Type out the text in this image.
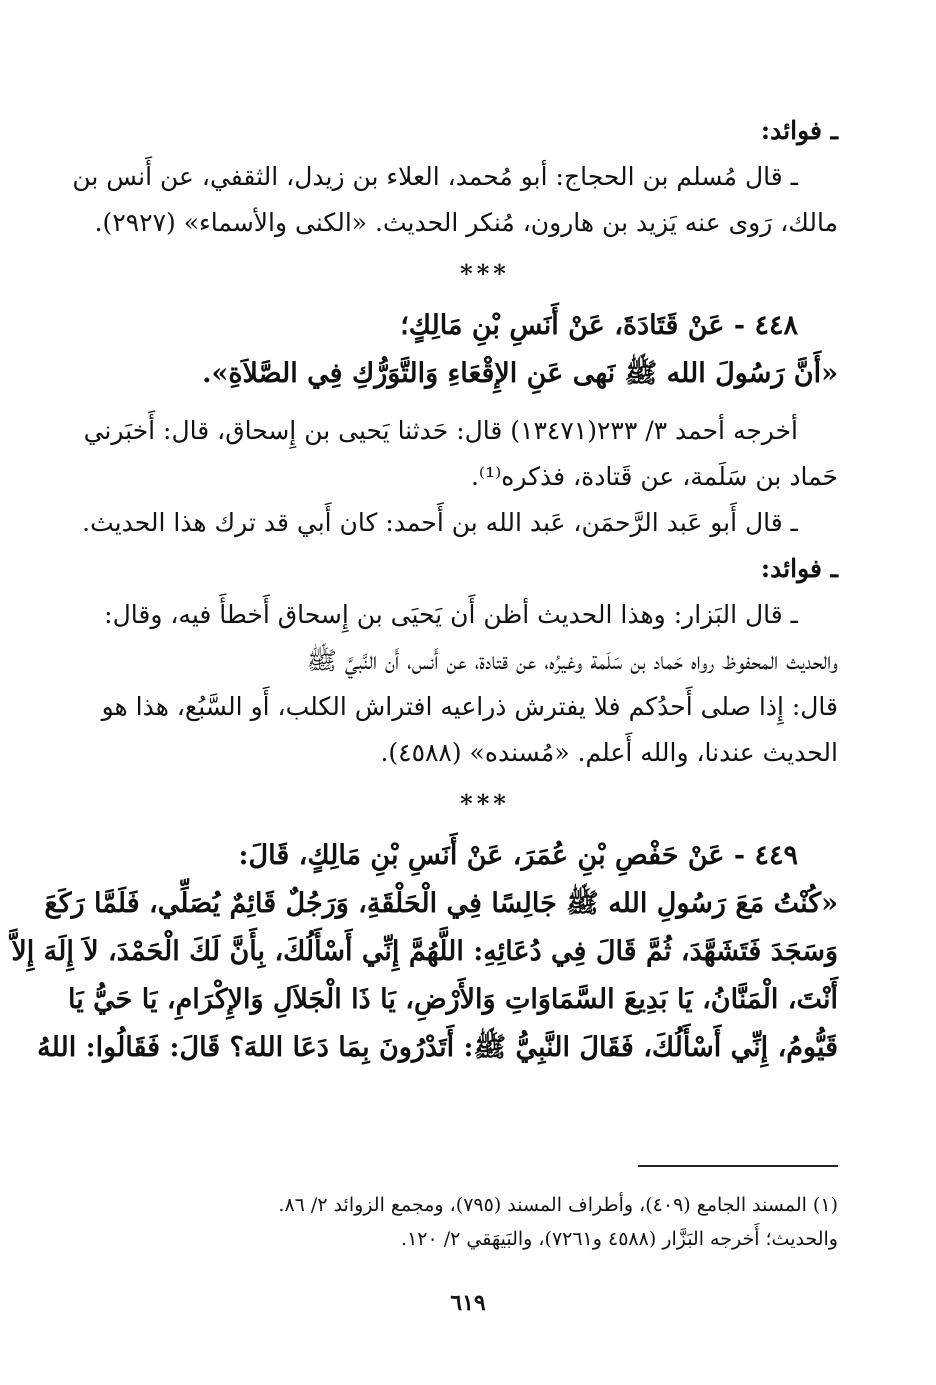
ـ فوائد:
ـ قال مُسلم بن الحجاج: أبو مُحمد، العلاء بن زيدل، الثقفي، عن أَنس بن
مالك، رَوى عنه يَزيد بن هارون، مُنكر الحديث. «الكنى والأسماء» (٢٩٢٧).
***
٤٤٨ - عَنْ قَتَادَةَ، عَنْ أَنَسِ بْنِ مَالِكٍ؛
«أَنَّ رَسُولَ الله ﷺ نَهى عَنِ الإِقْعَاءِ وَالتَّوَرُّكِ فِي الصَّلاَةِ».
أخرجه أحمد ٣/ ٢٣٣(١٣٤٧١) قال: حَدثنا يَحيى بن إِسحاق، قال: أَخبَرني
حَماد بن سَلَمة، عن قَتادة، فذكره⁽¹⁾.
ـ قال أَبو عَبد الرَّحمَن، عَبد الله بن أَحمد: كان أَبي قد ترك هذا الحديث.
ـ فوائد:
ـ قال البَزار: وهذا الحديث أظن أَن يَحيَى بن إِسحاق أَخطأَ فيه، وقال:
والحديث المحفوظ رواه حَماد بن سَلَمة وغيرُه، عن قتادة، عن أَنس، أَن النَّبيَّ ﷺ
قال: إِذا صلى أَحدُكم فلا يفترش ذراعيه افتراش الكلب، أَو السَّبُع، هذا هو
الحديث عندنا، والله أَعلم. «مُسنده» (٤٥٨٨).
***
٤٤٩ - عَنْ حَفْصِ بْنِ عُمَرَ، عَنْ أَنَسِ بْنِ مَالِكٍ، قَالَ:
«كُنْتُ مَعَ رَسُولِ الله ﷺ جَالِسًا فِي الْحَلْقَةِ، وَرَجُلٌ قَائِمٌ يُصَلِّي، فَلَمَّا رَكَعَ
وَسَجَدَ فَتَشَهَّدَ، ثُمَّ قَالَ فِي دُعَائِهِ: اللَّهُمَّ إِنِّي أَسْأَلُكَ، بِأَنَّ لَكَ الْحَمْدَ، لاَ إِلَهَ إِلاَّ
أَنْتَ، الْمَنَّانُ، يَا بَدِيعَ السَّمَاوَاتِ وَالأَرْضِ، يَا ذَا الْجَلاَلِ وَالإِكْرَامِ، يَا حَيُّ يَا
قَيُّومُ، إِنِّي أَسْأَلُكَ، فَقَالَ النَّبِيُّ ﷺ: أَتَدْرُونَ بِمَا دَعَا اللهَ؟ قَالَ: فَقَالُوا: اللهُ
(١) المسند الجامع (٤٠٩)، وأطراف المسند (٧٩٥)، ومجمع الزوائد ٢/ ٨٦.
والحديث؛ أَخرجه البَزَّار (٤٥٨٨ و٧٢٦١)، والبَيهَقي ٢/ ١٢٠.
٦١٩
